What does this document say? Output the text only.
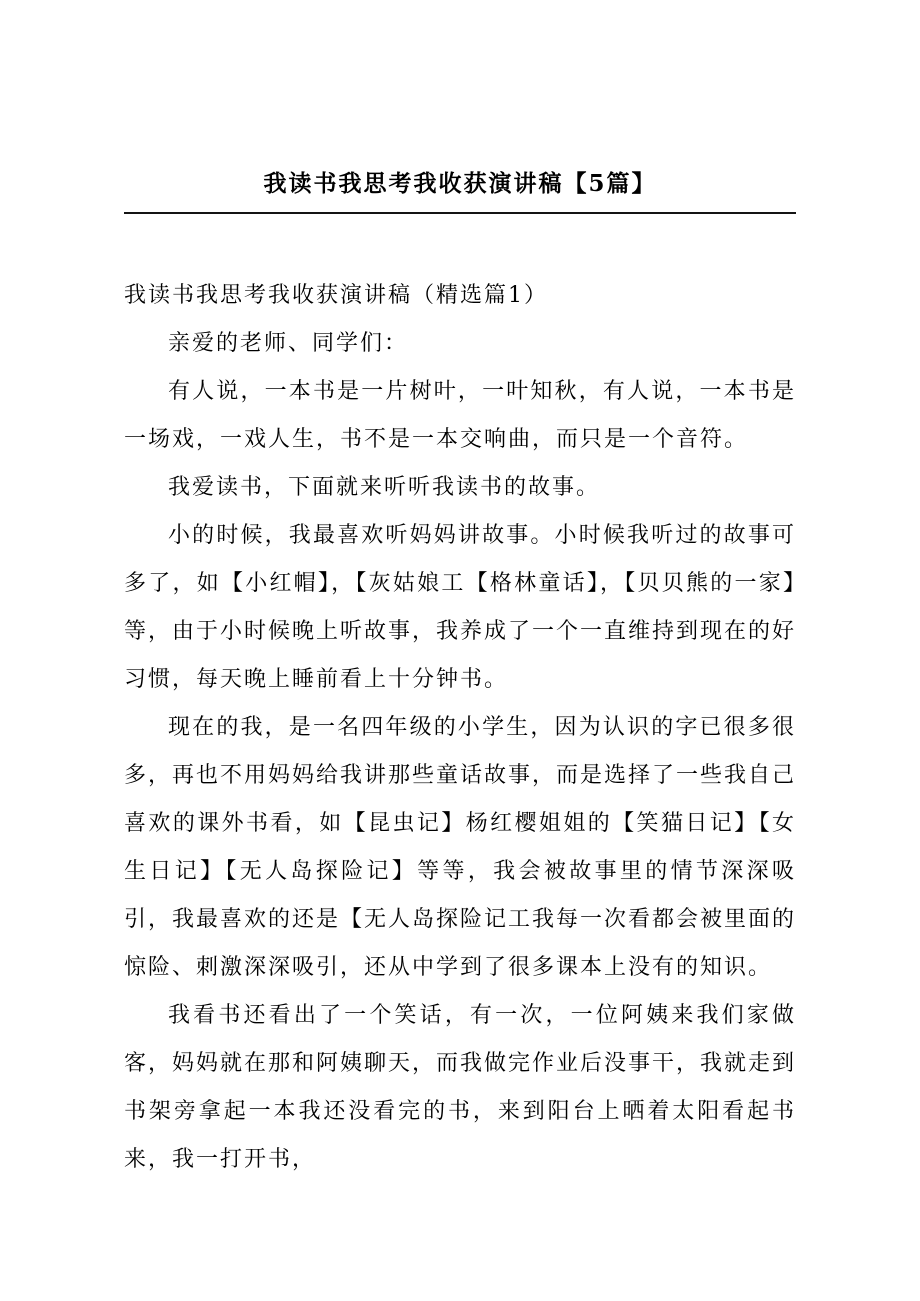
我读书我思考我收获演讲稿【5篇】

我读书我思考我收获演讲稿（精选篇1）

亲爱的老师、同学们：

有人说，一本书是一片树叶，一叶知秋，有人说，一本书是一场戏，一戏人生，书不是一本交响曲，而只是一个音符。

我爱读书，下面就来听听我读书的故事。

小的时候，我最喜欢听妈妈讲故事。小时候我听过的故事可多了，如【小红帽】，【灰姑娘工【格林童话】，【贝贝熊的一家】等，由于小时候晚上听故事，我养成了一个一直维持到现在的好习惯，每天晚上睡前看上十分钟书。

现在的我，是一名四年级的小学生，因为认识的字已很多很多，再也不用妈妈给我讲那些童话故事，而是选择了一些我自己喜欢的课外书看，如【昆虫记】杨红樱姐姐的【笑猫日记】【女生日记】【无人岛探险记】等等，我会被故事里的情节深深吸引，我最喜欢的还是【无人岛探险记工我每一次看都会被里面的惊险、刺激深深吸引，还从中学到了很多课本上没有的知识。

我看书还看出了一个笑话，有一次，一位阿姨来我们家做客，妈妈就在那和阿姨聊天，而我做完作业后没事干，我就走到书架旁拿起一本我还没看完的书，来到阳台上晒着太阳看起书来，我一打开书，
